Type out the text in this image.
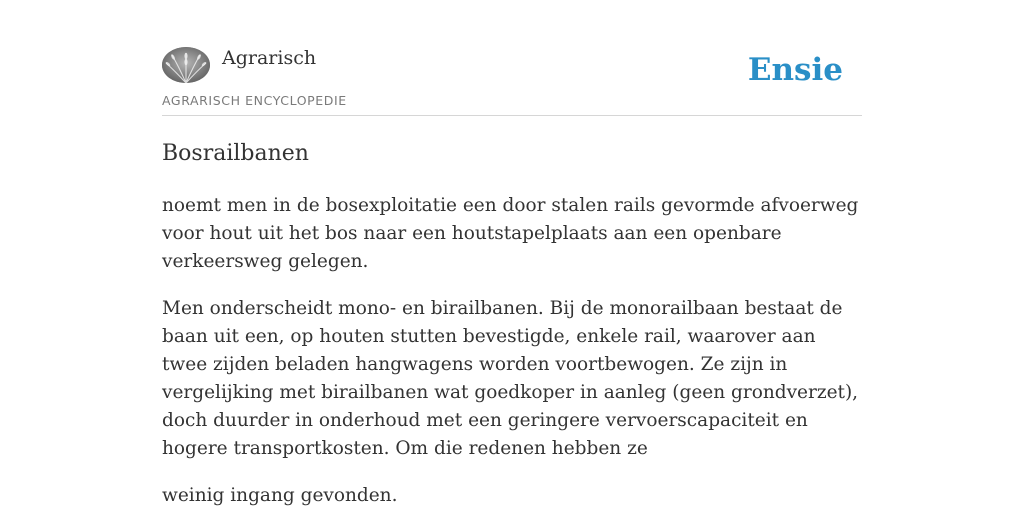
Agrarisch
AGRARISCH ENCYCLOPEDIE
Ensie
Bosrailbanen

noemt men in de bosexploitatie een door stalen rails gevormde afvoerweg voor hout uit het bos naar een houtstapelplaats aan een openbare verkeersweg gelegen.

Men onderscheidt mono- en birailbanen. Bij de monorailbaan bestaat de baan uit een, op houten stutten bevestigde, enkele rail, waarover aan twee zijden beladen hangwagens worden voortbewogen. Ze zijn in vergelijking met birailbanen wat goedkoper in aanleg (geen grondverzet), doch duurder in onderhoud met een geringere vervoerscapaciteit en hogere transportkosten. Om die redenen hebben ze

weinig ingang gevonden.
